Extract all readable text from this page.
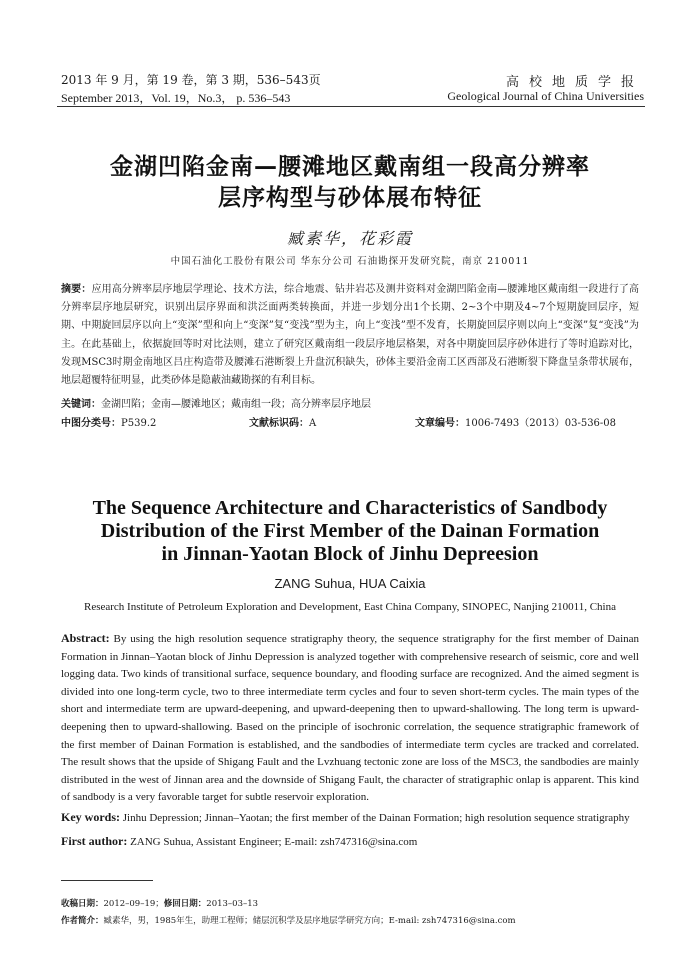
2013 年 9 月，第 19 卷，第 3 期，536–543页
September 2013，Vol. 19，No.3， p. 536–543
高校地质学报
Geological Journal of China Universities
金湖凹陷金南—腰滩地区戴南组一段高分辨率
层序构型与砂体展布特征
臧素华，花彩霞
中国石油化工股份有限公司 华东分公司 石油勘探开发研究院，南京 210011
摘要：应用高分辨率层序地层学理论、技术方法，综合地震、钻井岩芯及测井资料对金湖凹陷金南—腰滩地区戴南组一段进行了高分辨率层序地层研究，识别出层序界面和洪泛面两类转换面，并进一步划分出1个长期、2~3个中期及4~7个短期旋回层序，短期、中期旋回层序以向上“变深”型和向上“变深”复“变浅”型为主，向上“变浅”型不发育，长期旋回层序则以向上“变深”复“变浅”为主。在此基础上，依据旋回等时对比法则，建立了研究区戴南组一段层序地层格架，对各中期旋回层序砂体进行了等时追踪对比，发现MSC3时期金南地区吕庄构造带及腰滩石港断裂上升盘沉积缺失，砂体主要沿金南工区西部及石港断裂下降盘呈条带状展布，地层超覆特征明显，此类砂体是隐蔽油藏勘探的有利目标。
关键词：金湖凹陷；金南—腰滩地区；戴南组一段；高分辨率层序地层
中图分类号：P539.2	文献标识码：A	文章编号：1006-7493（2013）03-536-08
The Sequence Architecture and Characteristics of Sandbody
Distribution of the First Member of the Dainan Formation
in Jinnan-Yaotan Block of Jinhu Depreesion
ZANG Suhua, HUA Caixia
Research Institute of Petroleum Exploration and Development, East China Company, SINOPEC, Nanjing 210011, China
Abstract: By using the high resolution sequence stratigraphy theory, the sequence stratigraphy for the first member of Dainan Formation in Jinnan–Yaotan block of Jinhu Depression is analyzed together with comprehensive research of seismic, core and well logging data. Two kinds of transitional surface, sequence boundary, and flooding surface are recognized. And the aimed segment is divided into one long-term cycle, two to three intermediate term cycles and four to seven short-term cycles. The main types of the short and intermediate term are upward-deepening, and upward-deepening then to upward-shallowing. The long term is upward-deepening then to upward-shallowing. Based on the principle of isochronic correlation, the sequence stratigraphic framework of the first member of Dainan Formation is established, and the sandbodies of intermediate term cycles are tracked and correlated. The result shows that the upside of Shigang Fault and the Lvzhuang tectonic zone are loss of the MSC3, the sandbodies are mainly distributed in the west of Jinnan area and the downside of Shigang Fault, the character of stratigraphic onlap is apparent. This kind of sandbody is a very favorable target for subtle reservoir exploration.
Key words: Jinhu Depression; Jinnan–Yaotan; the first member of the Dainan Formation; high resolution sequence stratigraphy
First author: ZANG Suhua, Assistant Engineer; E-mail: zsh747316@sina.com
收稿日期：2012–09–19；修回日期：2013–03–13
作者简介：臧素华，男，1985年生，助理工程师；储层沉积学及层序地层学研究方向；E-mail: zsh747316@sina.com
